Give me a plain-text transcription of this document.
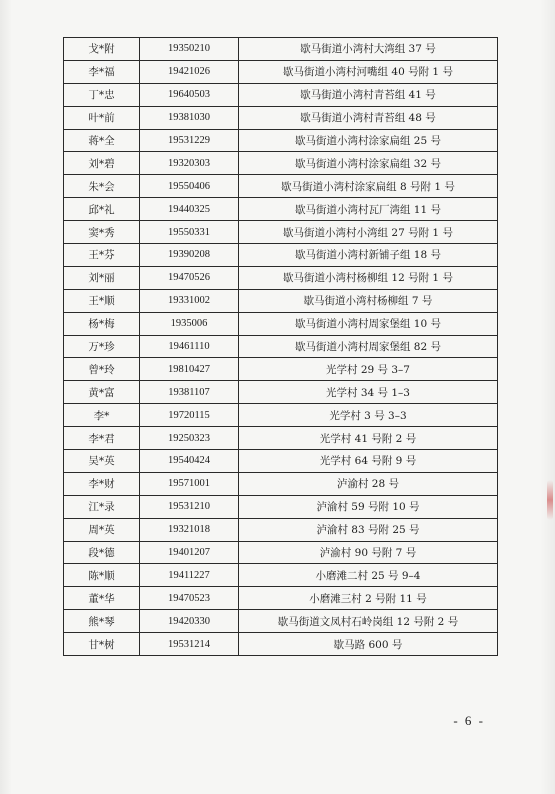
戈*附	19350210	歇马街道小湾村大湾组 37 号
李*福	19421026	歇马街道小湾村河嘴组 40 号附 1 号
丁*忠	19640503	歇马街道小湾村青苔组 41 号
叶*前	19381030	歇马街道小湾村青苔组 48 号
蒋*全	19531229	歇马街道小湾村涂家扁组 25 号
刘*碧	19320303	歇马街道小湾村涂家扁组 32 号
朱*会	19550406	歇马街道小湾村涂家扁组 8 号附 1 号
邱*礼	19440325	歇马街道小湾村瓦厂湾组 11 号
窦*秀	19550331	歇马街道小湾村小湾组 27 号附 1 号
王*芬	19390208	歇马街道小湾村新铺子组 18 号
刘*丽	19470526	歇马街道小湾村杨柳组 12 号附 1 号
王*顺	19331002	歇马街道小湾村杨柳组 7 号
杨*梅	1935006	歇马街道小湾村周家堡组 10 号
万*珍	19461110	歇马街道小湾村周家堡组 82 号
曾*玲	19810427	光学村 29 号 3–7
黄*富	19381107	光学村 34 号 1–3
李*	19720115	光学村 3 号 3–3
李*君	19250323	光学村 41 号附 2 号
吴*英	19540424	光学村 64 号附 9 号
李*财	19571001	泸渝村 28 号
江*录	19531210	泸渝村 59 号附 10 号
周*英	19321018	泸渝村 83 号附 25 号
段*德	19401207	泸渝村 90 号附 7 号
陈*顺	19411227	小磨滩二村 25 号 9–4
董*华	19470523	小磨滩三村 2 号附 11 号
熊*琴	19420330	歇马街道文凤村石岭岗组 12 号附 2 号
甘*树	19531214	歇马路 600 号
- 6 -
